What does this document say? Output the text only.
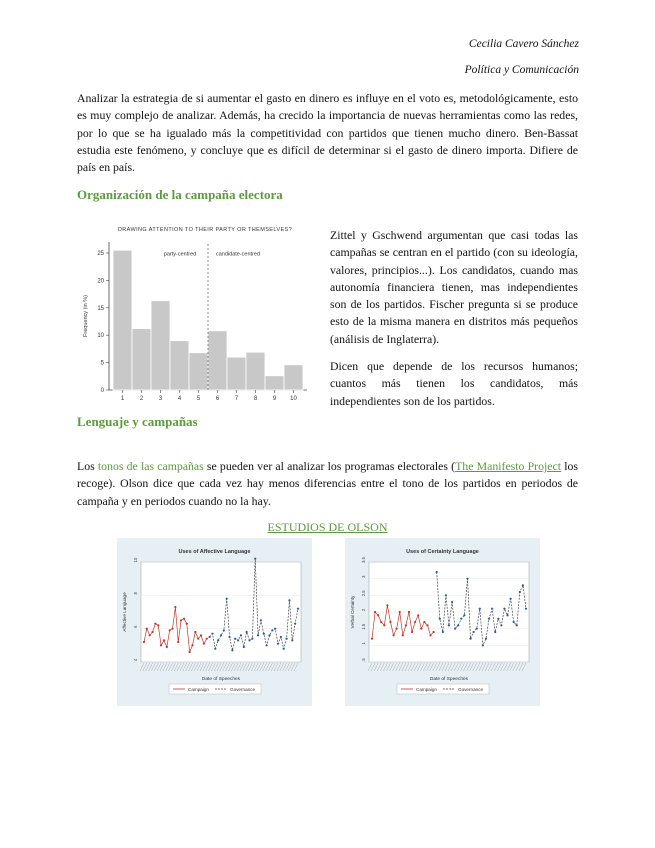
Cecilia Cavero Sánchez
Política y Comunicación

Analizar la estrategia de si aumentar el gasto en dinero es influye en el voto es, metodológicamente, esto es muy complejo de analizar. Además, ha crecido la importancia de nuevas herramientas como las redes, por lo que se ha igualado más la competitividad con partidos que tienen mucho dinero. Ben-Bassat estudia este fenómeno, y concluye que es difícil de determinar si el gasto de dinero importa. Difiere de país en país.

Organización de la campaña electora
DRAWING ATTENTION TO THEIR PARTY OR THEMSELVES?
0
5
10
15
20
25
1	2	3	4	5	6	7	8	9 10
party-centred	candidate-centred
Frequency (in %)

Zittel y Gschwend argumentan que casi todas las campañas se centran en el partido (con su ideología, valores, principios...). Los candidatos, cuando mas autonomía financiera tienen, mas independientes son de los partidos. Fischer pregunta si se produce esto de la misma manera en distritos más pequeños (análisis de Inglaterra).

Dicen que depende de los recursos humanos; cuantos más tienen los candidatos, más independientes son de los partidos.

Lenguaje y campañas

Los tonos de las campañas se pueden ver al analizar los programas electorales (The Manifesto Project los recoge). Olson dice que cada vez hay menos diferencias entre el tono de los partidos en periodos de campaña y en periodos cuando no la hay.

ESTUDIOS DE OLSON
Uses of Affective Language
4
6
8
10
Affective Language
Date of Speeches
Campaign	Governance
Uses of Certainty Language
.5
1
1.5
2
2.5
3
3.5
Verbal Certainty
Date of Speeches
Campaign	Governance
